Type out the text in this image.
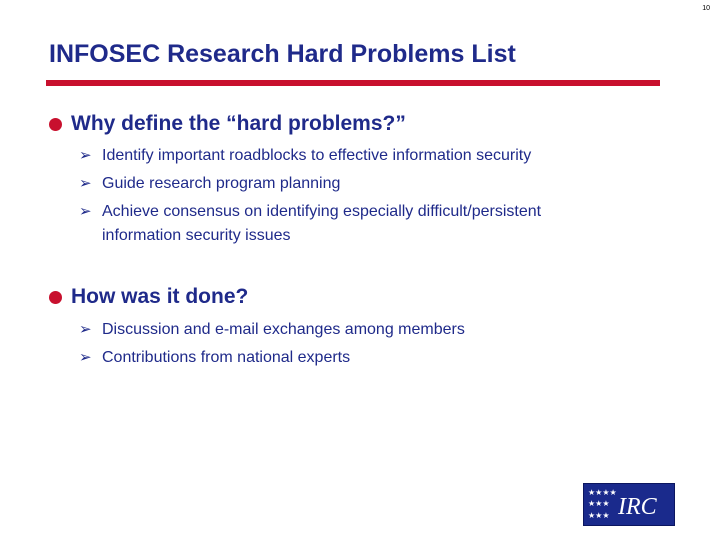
10
INFOSEC Research Hard Problems List
Why define the “hard problems?”
➢ Identify important roadblocks to effective information security
➢ Guide research program planning
➢ Achieve consensus on identifying especially difficult/persistent information security issues
How was it done?
➢ Discussion and e-mail exchanges among members
➢ Contributions from national experts
★★★★
★★★
★★★ IRC
